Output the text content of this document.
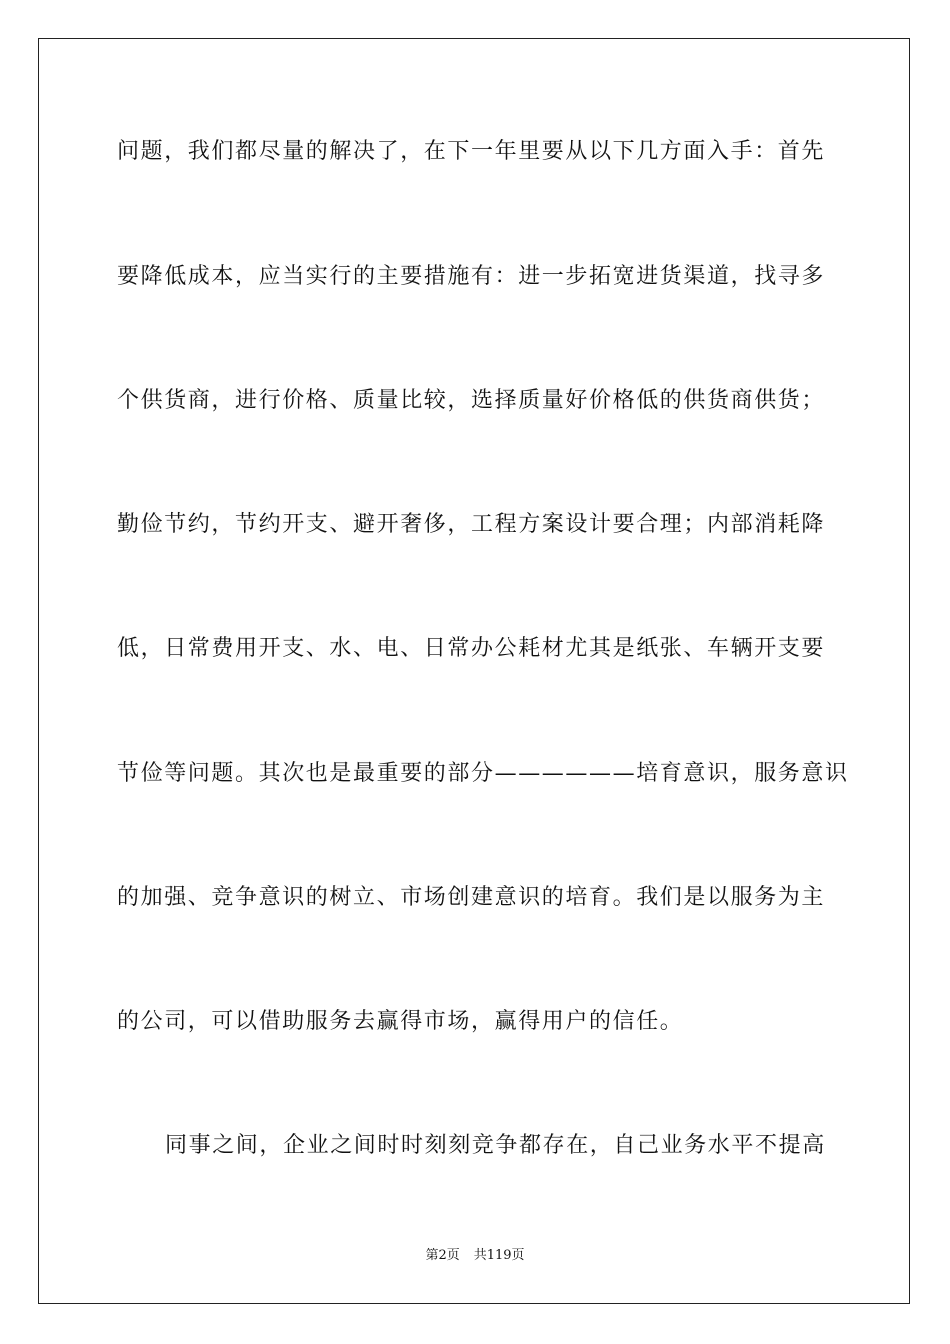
问题，我们都尽量的解决了，在下一年里要从以下几方面入手：首先
要降低成本，应当实行的主要措施有：进一步拓宽进货渠道，找寻多
个供货商，进行价格、质量比较，选择质量好价格低的供货商供货；
勤俭节约，节约开支、避开奢侈，工程方案设计要合理；内部消耗降
低，日常费用开支、水、电、日常办公耗材尤其是纸张、车辆开支要
节俭等问题。其次也是最重要的部分——————培育意识，服务意识
的加强、竞争意识的树立、市场创建意识的培育。我们是以服务为主
的公司，可以借助服务去赢得市场，赢得用户的信任。
同事之间，企业之间时时刻刻竞争都存在，自己业务水平不提高
第2页 共119页
